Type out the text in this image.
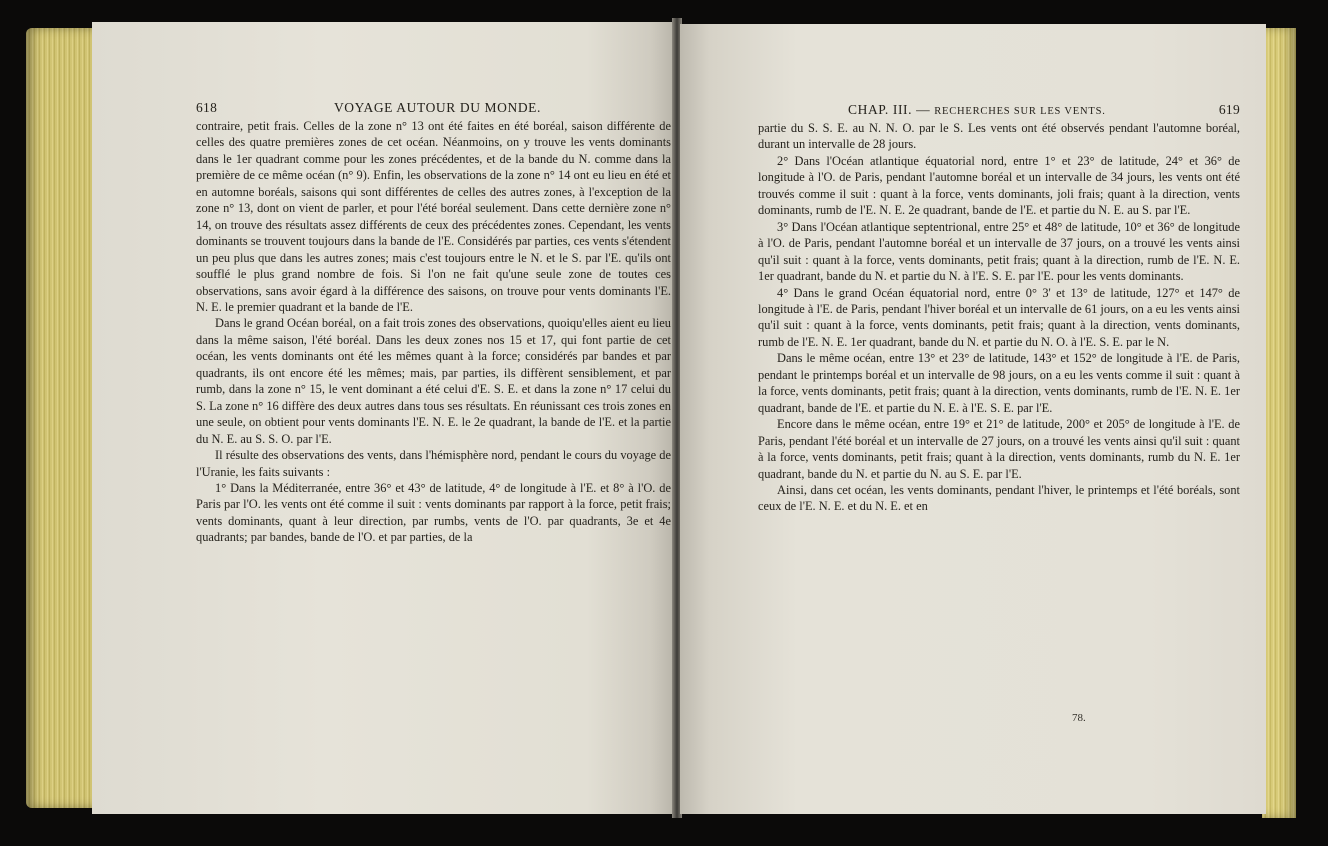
618	VOYAGE AUTOUR DU MONDE.

contraire, petit frais. Celles de la zone n° 13 ont été faites en été boréal, saison différente de celles des quatre premières zones de cet océan. Néanmoins, on y trouve les vents dominants dans le 1er quadrant comme pour les zones précédentes, et de la bande du N. comme dans la première de ce même océan (n° 9). Enfin, les observations de la zone n° 14 ont eu lieu en été et en automne boréals, saisons qui sont différentes de celles des autres zones, à l'exception de la zone n° 13, dont on vient de parler, et pour l'été boréal seulement. Dans cette dernière zone n° 14, on trouve des résultats assez différents de ceux des précédentes zones. Cependant, les vents dominants se trouvent toujours dans la bande de l'E. Considérés par parties, ces vents s'étendent un peu plus que dans les autres zones; mais c'est toujours entre le N. et le S. par l'E. qu'ils ont soufflé le plus grand nombre de fois. Si l'on ne fait qu'une seule zone de toutes ces observations, sans avoir égard à la différence des saisons, on trouve pour vents dominants l'E. N. E. le premier quadrant et la bande de l'E.

Dans le grand Océan boréal, on a fait trois zones des observations, quoiqu'elles aient eu lieu dans la même saison, l'été boréal. Dans les deux zones nos 15 et 17, qui font partie de cet océan, les vents dominants ont été les mêmes quant à la force; considérés par bandes et par quadrants, ils ont encore été les mêmes; mais, par parties, ils diffèrent sensiblement, et par rumb, dans la zone n° 15, le vent dominant a été celui d'E. S. E. et dans la zone n° 17 celui du S. La zone n° 16 diffère des deux autres dans tous ses résultats. En réunissant ces trois zones en une seule, on obtient pour vents dominants l'E. N. E. le 2e quadrant, la bande de l'E. et la partie du N. E. au S. S. O. par l'E.

Il résulte des observations des vents, dans l'hémisphère nord, pendant le cours du voyage de l'Uranie, les faits suivants :

1° Dans la Méditerranée, entre 36° et 43° de latitude, 4° de longitude à l'E. et 8° à l'O. de Paris par l'O. les vents ont été comme il suit : vents dominants par rapport à la force, petit frais; vents dominants, quant à leur direction, par rumbs, vents de l'O. par quadrants, 3e et 4e quadrants; par bandes, bande de l'O. et par parties, de la

CHAP. III. — RECHERCHES SUR LES VENTS.	619

partie du S. S. E. au N. N. O. par le S. Les vents ont été observés pendant l'automne boréal, durant un intervalle de 28 jours.

2° Dans l'Océan atlantique équatorial nord, entre 1° et 23° de latitude, 24° et 36° de longitude à l'O. de Paris, pendant l'automne boréal et un intervalle de 34 jours, les vents ont été trouvés comme il suit : quant à la force, vents dominants, joli frais; quant à la direction, vents dominants, rumb de l'E. N. E. 2e quadrant, bande de l'E. et partie du N. E. au S. par l'E.

3° Dans l'Océan atlantique septentrional, entre 25° et 48° de latitude, 10° et 36° de longitude à l'O. de Paris, pendant l'automne boréal et un intervalle de 37 jours, on a trouvé les vents ainsi qu'il suit : quant à la force, vents dominants, petit frais; quant à la direction, rumb de l'E. N. E. 1er quadrant, bande du N. et partie du N. à l'E. S. E. par l'E. pour les vents dominants.

4° Dans le grand Océan équatorial nord, entre 0° 3' et 13° de latitude, 127° et 147° de longitude à l'E. de Paris, pendant l'hiver boréal et un intervalle de 61 jours, on a eu les vents ainsi qu'il suit : quant à la force, vents dominants, petit frais; quant à la direction, vents dominants, rumb de l'E. N. E. 1er quadrant, bande du N. et partie du N. O. à l'E. S. E. par le N.

Dans le même océan, entre 13° et 23° de latitude, 143° et 152° de longitude à l'E. de Paris, pendant le printemps boréal et un intervalle de 98 jours, on a eu les vents comme il suit : quant à la force, vents dominants, petit frais; quant à la direction, vents dominants, rumb de l'E. N. E. 1er quadrant, bande de l'E. et partie du N. E. à l'E. S. E. par l'E.

Encore dans le même océan, entre 19° et 21° de latitude, 200° et 205° de longitude à l'E. de Paris, pendant l'été boréal et un intervalle de 27 jours, on a trouvé les vents ainsi qu'il suit : quant à la force, vents dominants, petit frais; quant à la direction, vents dominants, rumb du N. E. 1er quadrant, bande du N. et partie du N. au S. E. par l'E.

Ainsi, dans cet océan, les vents dominants, pendant l'hiver, le printemps et l'été boréals, sont ceux de l'E. N. E. et du N. E. et en

78.
